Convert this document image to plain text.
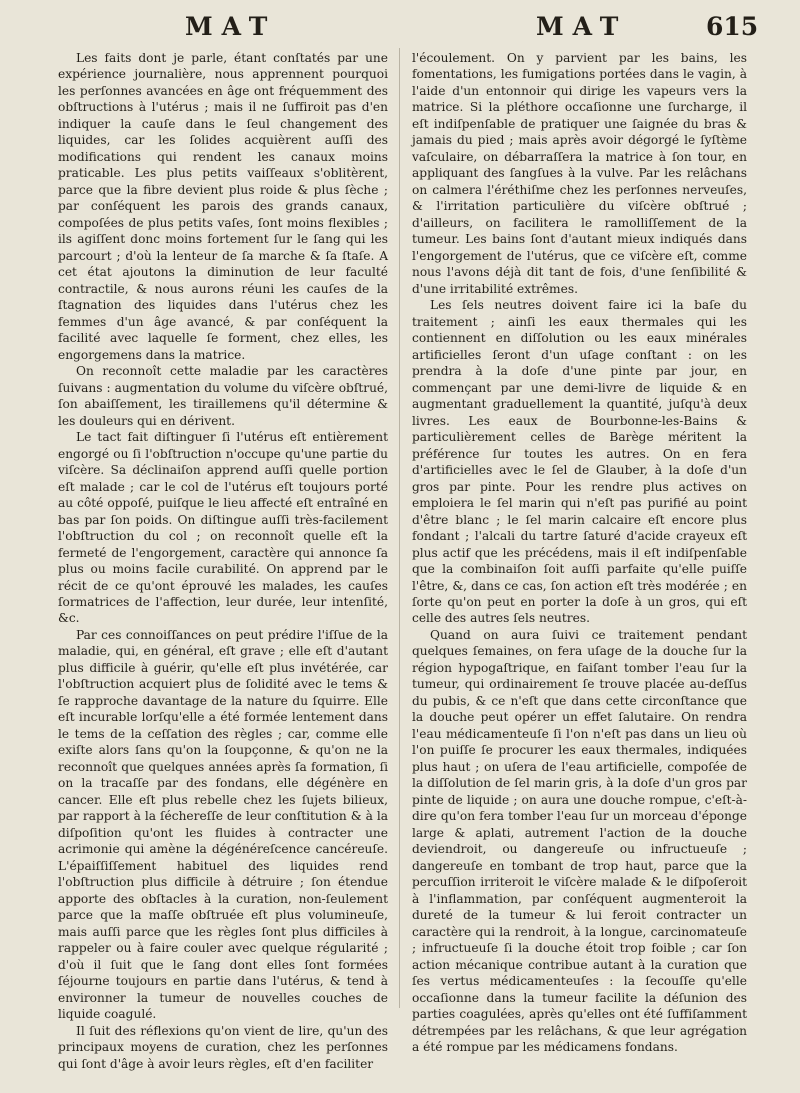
MAT	MAT	615

Les faits dont je parle, étant conſtatés par une expérience journalière, nous apprennent pourquoi les perſonnes avancées en âge ont fréquemment des obſtructions à l'utérus ; mais il ne ſuffiroit pas d'en indiquer la cauſe dans le ſeul changement des liquides, car les ſolides acquièrent auſſi des modifications qui rendent les canaux moins praticable. Les plus petits vaiſſeaux s'oblitèrent, parce que la fibre devient plus roide & plus ſèche ; par conſéquent les parois des grands canaux, compoſées de plus petits vaſes, ſont moins flexibles ; ils agiſſent donc moins fortement ſur le ſang qui les parcourt ; d'où la lenteur de ſa marche & ſa ſtaſe. A cet état ajoutons la diminution de leur faculté contractile, & nous aurons réuni les cauſes de la ſtagnation des liquides dans l'utérus chez les femmes d'un âge avancé, & par conſéquent la facilité avec laquelle ſe forment, chez elles, les engorgemens dans la matrice.

On reconnoît cette maladie par les caractères ſuivans : augmentation du volume du viſcère obſtrué, ſon abaiſſement, les tiraillemens qu'il détermine & les douleurs qui en dérivent.

Le tact fait diſtinguer ſi l'utérus eſt entièrement engorgé ou ſi l'obſtruction n'occupe qu'une partie du viſcère. Sa déclinaiſon apprend auſſi quelle portion eſt malade ; car le col de l'utérus eſt toujours porté au côté oppoſé, puiſque le lieu affecté eſt entraîné en bas par ſon poids. On diſtingue auſſi très-facilement l'obſtruction du col ; on reconnoît quelle eſt la fermeté de l'engorgement, caractère qui annonce ſa plus ou moins facile curabilité. On apprend par le récit de ce qu'ont éprouvé les malades, les cauſes ſormatrices de l'affection, leur durée, leur intenſité, &c.

Par ces connoiſſances on peut prédire l'iſſue de la maladie, qui, en général, eſt grave ; elle eſt d'autant plus difficile à guérir, qu'elle eſt plus invétérée, car l'obſtruction acquiert plus de ſolidité avec le tems & ſe rapproche davantage de la nature du ſquirre. Elle eſt incurable lorſqu'elle a été formée lentement dans le tems de la ceſſation des règles ; car, comme elle exiſte alors ſans qu'on la ſoupçonne, & qu'on ne la reconnoît que quelques années après ſa formation, ſi on la tracaſſe par des fondans, elle dégénère en cancer. Elle eſt plus rebelle chez les ſujets bilieux, par rapport à la ſéchereſſe de leur conſtitution & à la diſpoſition qu'ont les fluides à contracter une acrimonie qui amène la dégénéreſcence cancéreuſe. L'épaiſſiſſement habituel des liquides rend l'obſtruction plus difficile à détruire ; ſon étendue apporte des obſtacles à la curation, non-ſeulement parce que la maſſe obſtruée eſt plus volumineuſe, mais auſſi parce que les règles ſont plus difficiles à rappeler ou à faire couler avec quelque régularité ; d'où il ſuit que le ſang dont elles ſont formées ſéjourne toujours en partie dans l'utérus, & tend à environner la tumeur de nouvelles couches de liquide coagulé.

Il ſuit des réflexions qu'on vient de lire, qu'un des principaux moyens de curation, chez les perſonnes qui ſont d'âge à avoir leurs règles, eſt d'en faciliter

l'écoulement. On y parvient par les bains, les fomentations, les fumigations portées dans le vagin, à l'aide d'un entonnoir qui dirige les vapeurs vers la matrice. Si la pléthore occaſionne une ſurcharge, il eſt indiſpenſable de pratiquer une ſaignée du bras & jamais du pied ; mais après avoir dégorgé le ſyſtème vaſculaire, on débarraſſera la matrice à ſon tour, en appliquant des ſangſues à la vulve. Par les relâchans on calmera l'éréthiſme chez les perſonnes nerveuſes, & l'irritation particulière du viſcère obſtrué ; d'ailleurs, on facilitera le ramolliſſement de la tumeur. Les bains ſont d'autant mieux indiqués dans l'engorgement de l'utérus, que ce viſcère eſt, comme nous l'avons déjà dit tant de fois, d'une ſenſibilité & d'une irritabilité extrêmes.

Les ſels neutres doivent faire ici la baſe du traitement ; ainſi les eaux thermales qui les contiennent en diſſolution ou les eaux minérales artificielles ſeront d'un uſage conſtant : on les prendra à la doſe d'une pinte par jour, en commençant par une demi-livre de liquide & en augmentant graduellement la quantité, juſqu'à deux livres. Les eaux de Bourbonne-les-Bains & particulièrement celles de Barège méritent la préférence ſur toutes les autres. On en fera d'artificielles avec le ſel de Glauber, à la doſe d'un gros par pinte. Pour les rendre plus actives on emploiera le ſel marin qui n'eſt pas purifié au point d'être blanc ; le ſel marin calcaire eſt encore plus fondant ; l'alcali du tartre ſaturé d'acide crayeux eſt plus actif que les précédens, mais il eſt indiſpenſable que la combinaiſon ſoit auſſi parfaite qu'elle puiſſe l'être, &, dans ce cas, ſon action eſt très modérée ; en ſorte qu'on peut en porter la doſe à un gros, qui eſt celle des autres ſels neutres.

Quand on aura ſuivi ce traitement pendant quelques ſemaines, on fera uſage de la douche ſur la région hypogaſtrique, en faiſant tomber l'eau ſur la tumeur, qui ordinairement ſe trouve placée au-deſſus du pubis, & ce n'eſt que dans cette circonſtance que la douche peut opérer un effet ſalutaire. On rendra l'eau médicamenteuſe ſi l'on n'eſt pas dans un lieu où l'on puiſſe ſe procurer les eaux thermales, indiquées plus haut ; on uſera de l'eau artificielle, compoſée de la diſſolution de ſel marin gris, à la doſe d'un gros par pinte de liquide ; on aura une douche rompue, c'eſt-à-dire qu'on fera tomber l'eau ſur un morceau d'éponge large & aplati, autrement l'action de la douche deviendroit, ou dangereuſe ou infructueuſe ; dangereuſe en tombant de trop haut, parce que la percuſſion irriteroit le viſcère malade & le diſpoſeroit à l'inflammation, par conſéquent augmenteroit la dureté de la tumeur & lui feroit contracter un caractère qui la rendroit, à la longue, carcinomateuſe ; infructueuſe ſi la douche étoit trop foible ; car ſon action mécanique contribue autant à la curation que ſes vertus médicamenteuſes : la ſecouſſe qu'elle occaſionne dans la tumeur facilite la déſunion des parties coagulées, après qu'elles ont été ſuffiſamment détrempées par les relâchans, & que leur agrégation a été rompue par les médicamens fondans.
